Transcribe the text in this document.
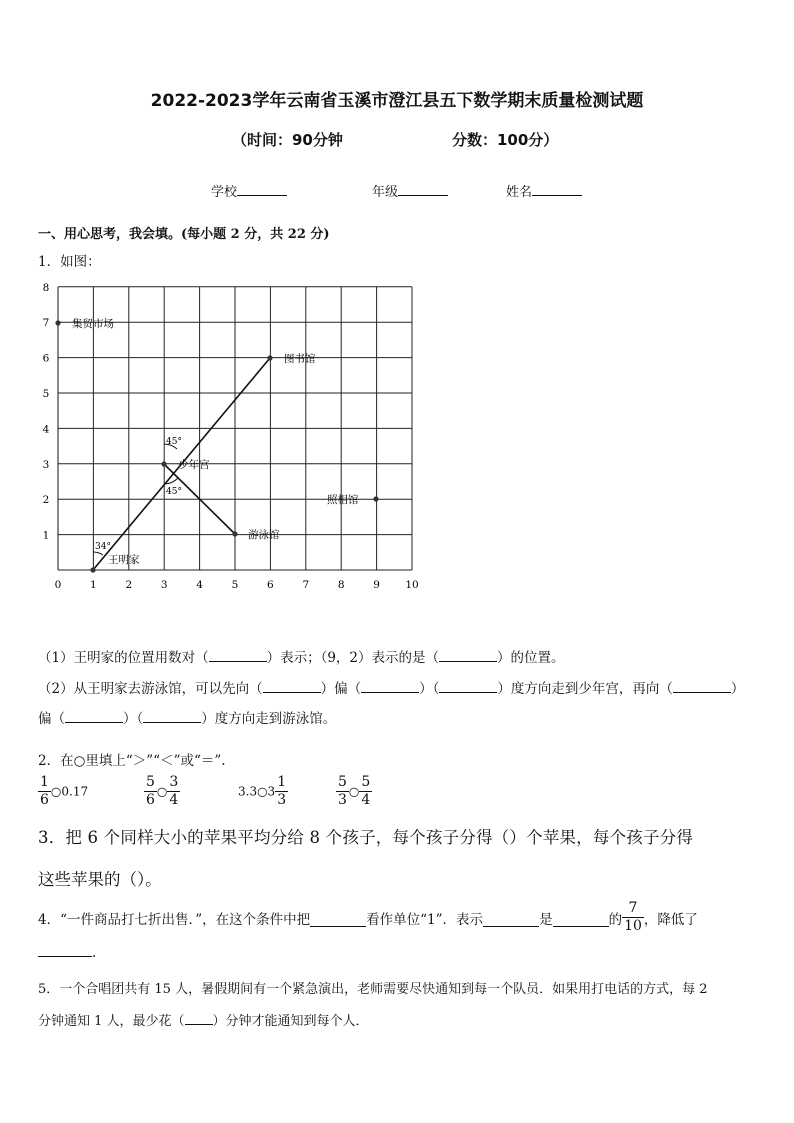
2022-2023学年云南省玉溪市澄江县五下数学期末质量检测试题
（时间：90分钟	分数：100分）
学校	年级	姓名
一、用心思考，我会填。(每小题 2 分，共 22 分)
1．如图：
0	1	2	3	4	5	6	7	8	9 10
1
2
3
4
5
6
7
8
集贸市场
图书馆
少年宫
照相馆
游泳馆
王明家
45°
45°
34°
（1）王明家的位置用数对（	）表示；（9，2）表示的是（	）的位置。
（2）从王明家去游泳馆，可以先向（	）偏（	）（	）度方向走到少年宫，再向（	）
偏（	）（	）度方向走到游泳馆。
2．在○里填上“＞”“＜”或“＝”.
$\frac{1}{6}$ ○0.17	$\frac{5}{6}$ ○ $\frac{3}{4}$	3.3○3 $\frac{1}{3}$	$\frac{5}{3}$ ○ $\frac{5}{4}$
3．把 6 个同样大小的苹果平均分给 8 个孩子，每个孩子分得（）个苹果，每个孩子分得
这些苹果的（）。
4．“一件商品打七折出售．”，在这个条件中把	看作单位“1”．表示	是	的 $\frac{7}{10}$ ，降低了
.
5．一个合唱团共有 15 人，暑假期间有一个紧急演出，老师需要尽快通知到每一个队员．如果用打电话的方式，每 2
分钟通知 1 人，最少花（ ）分钟才能通知到每个人．
